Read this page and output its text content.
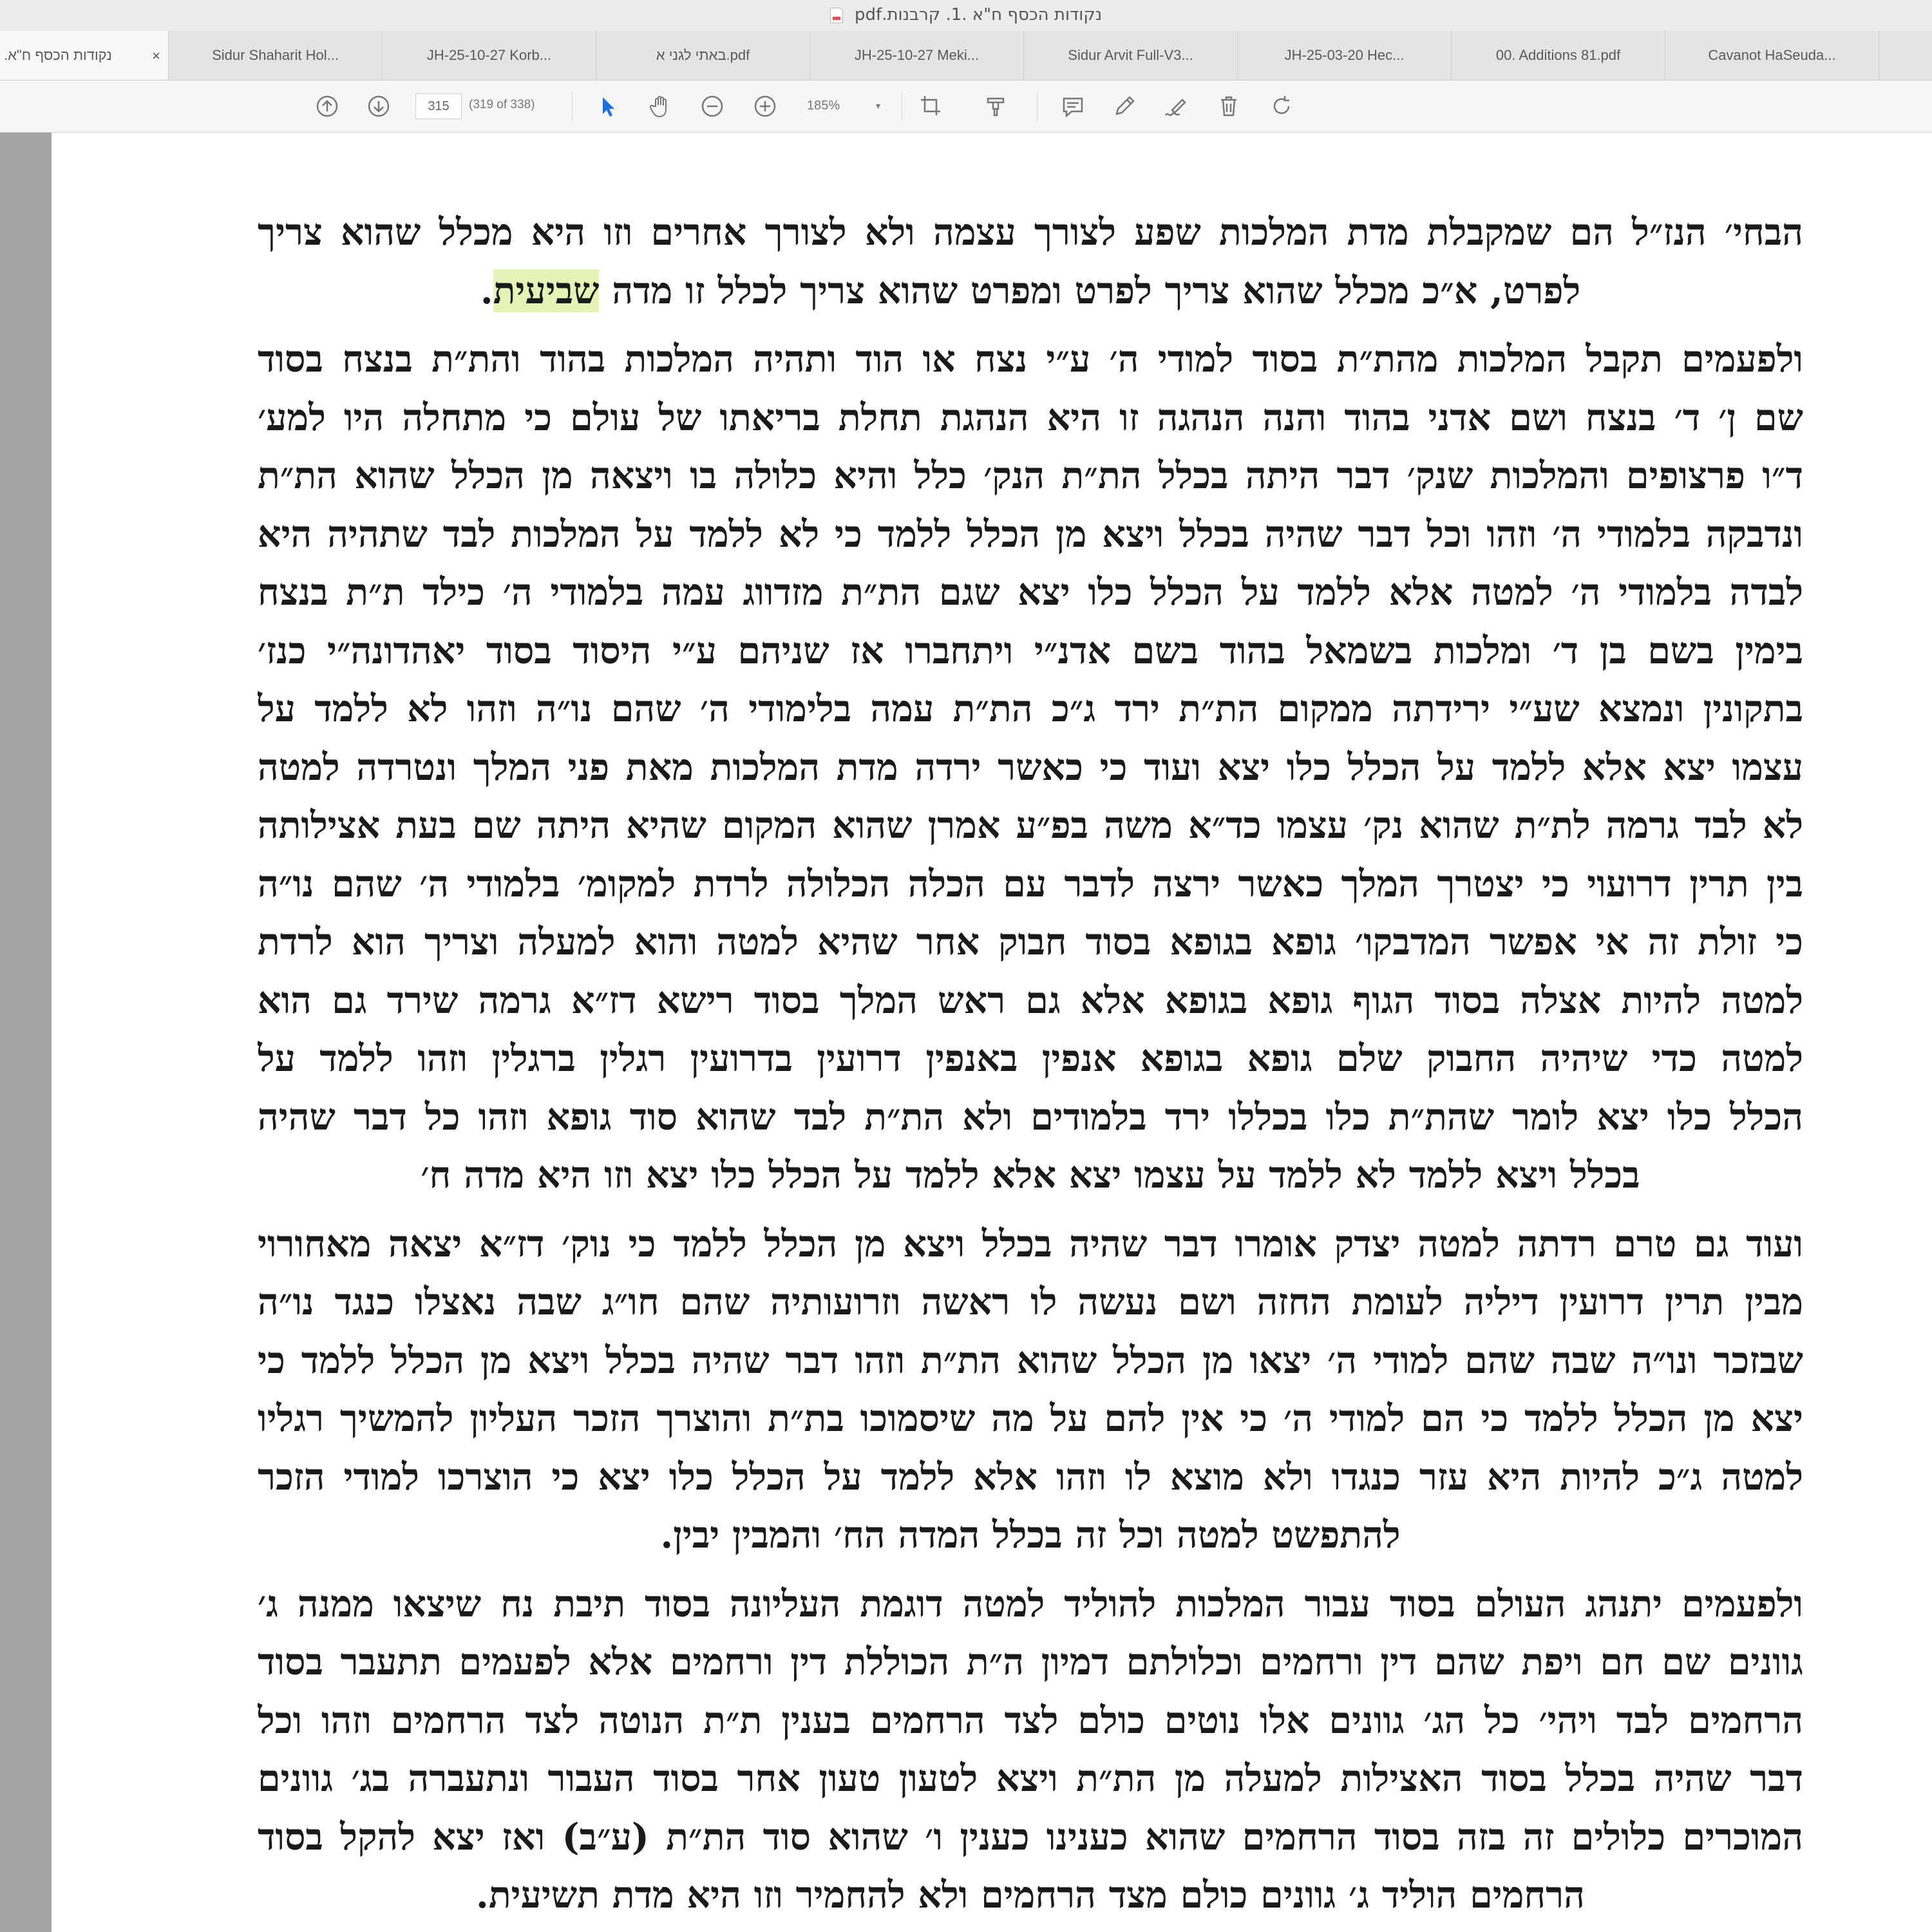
נקודות הכסף ח"א .1. קרבנות.pdf
נקודות הכסף ח"א.	×	Sidur Shaharit Hol...	JH-25-10-27 Korb...	באתי לגני א.pdf	JH-25-10-27 Meki...	Sidur Arvit Full-V3...	JH-25-03-20 Hec...	00. Additions 81.pdf	Cavanot HaSeuda...
315 (319 of 338)	185%	▾
הבחי׳ הנז״ל הם שמקבלת מדת המלכות שפע לצורך עצמה ולא לצורך אחרים וזו היא מכלל שהוא צריך
לפרט, א״כ מכלל שהוא צריך לפרט ומפרט שהוא צריך לכלל זו מדה שביעית.
ולפעמים תקבל המלכות מהת״ת בסוד למודי ה׳ ע״י נצח או הוד ותהיה המלכות בהוד והת״ת בנצח בסוד
שם ן׳ ד׳ בנצח ושם אדני בהוד והנה הנהגה זו היא הנהגת תחלת בריאתו של עולם כי מתחלה היו למע׳
ד״ו פרצופים והמלכות שנק׳ דבר היתה בכלל הת״ת הנק׳ כלל והיא כלולה בו ויצאה מן הכלל שהוא הת״ת
ונדבקה בלמודי ה׳ וזהו וכל דבר שהיה בכלל ויצא מן הכלל ללמד כי לא ללמד על המלכות לבד שתהיה היא
לבדה בלמודי ה׳ למטה אלא ללמד על הכלל כלו יצא שגם הת״ת מזדווג עמה בלמודי ה׳ כילד ת״ת בנצח
בימין בשם בן ד׳ ומלכות בשמאל בהוד בשם אדנ״י ויתחברו אז שניהם ע״י היסוד בסוד יאהדונה״י כנז׳
בתקונין ונמצא שע״י ירידתה ממקום הת״ת ירד ג״כ הת״ת עמה בלימודי ה׳ שהם נו״ה וזהו לא ללמד על
עצמו יצא אלא ללמד על הכלל כלו יצא ועוד כי כאשר ירדה מדת המלכות מאת פני המלך ונטרדה למטה
לא לבד גרמה לת״ת שהוא נק׳ עצמו כד״א משה בפ״ע אמרן שהוא המקום שהיא היתה שם בעת אצילותה
בין תרין דרועוי כי יצטרך המלך כאשר ירצה לדבר עם הכלה הכלולה לרדת למקומ׳ בלמודי ה׳ שהם נו״ה
כי זולת זה אי אפשר המדבקו׳ גופא בגופא בסוד חבוק אחר שהיא למטה והוא למעלה וצריך הוא לרדת
למטה להיות אצלה בסוד הגוף גופא בגופא אלא גם ראש המלך בסוד רישא דז״א גרמה שירד גם הוא
למטה כדי שיהיה החבוק שלם גופא בגופא אנפין באנפין דרועין בדרועין רגלין ברגלין וזהו ללמד על
הכלל כלו יצא לומר שהת״ת כלו בכללו ירד בלמודים ולא הת״ת לבד שהוא סוד גופא וזהו כל דבר שהיה
בכלל ויצא ללמד לא ללמד על עצמו יצא אלא ללמד על הכלל כלו יצא וזו היא מדה ח׳
ועוד גם טרם רדתה למטה יצדק אומרו דבר שהיה בכלל ויצא מן הכלל ללמד כי נוק׳ דז״א יצאה מאחורוי
מבין תרין דרועין דיליה לעומת החזה ושם נעשה לו ראשה וזרועותיה שהם חו״ג שבה נאצלו כנגד נו״ה
שבזכר ונו״ה שבה שהם למודי ה׳ יצאו מן הכלל שהוא הת״ת וזהו דבר שהיה בכלל ויצא מן הכלל ללמד כי
יצא מן הכלל ללמד כי הם למודי ה׳ כי אין להם על מה שיסמוכו בת״ת והוצרך הזכר העליון להמשיך רגליו
למטה ג״כ להיות היא עזר כנגדו ולא מוצא לו וזהו אלא ללמד על הכלל כלו יצא כי הוצרכו למודי הזכר
להתפשט למטה וכל זה בכלל המדה הח׳ והמבין יבין.
ולפעמים יתנהג העולם בסוד עבור המלכות להוליד למטה דוגמת העליונה בסוד תיבת נח שיצאו ממנה ג׳
גוונים שם חם ויפת שהם דין ורחמים וכלולתם דמיון ה״ת הכוללת דין ורחמים אלא לפעמים תתעבר בסוד
הרחמים לבד ויהי׳ כל הג׳ גוונים אלו נוטים כולם לצד הרחמים בענין ת״ת הנוטה לצד הרחמים וזהו וכל
דבר שהיה בכלל בסוד האצילות למעלה מן הת״ת ויצא לטעון טעון אחר בסוד העבור ונתעברה בג׳ גוונים
המוכרים כלולים זה בזה בסוד הרחמים שהוא כענינו כענין ו׳ שהוא סוד הת״ת (ע״ב) ואז יצא להקל בסוד
הרחמים הוליד ג׳ גוונים כולם מצד הרחמים ולא להחמיר וזו היא מדת תשיעית.
